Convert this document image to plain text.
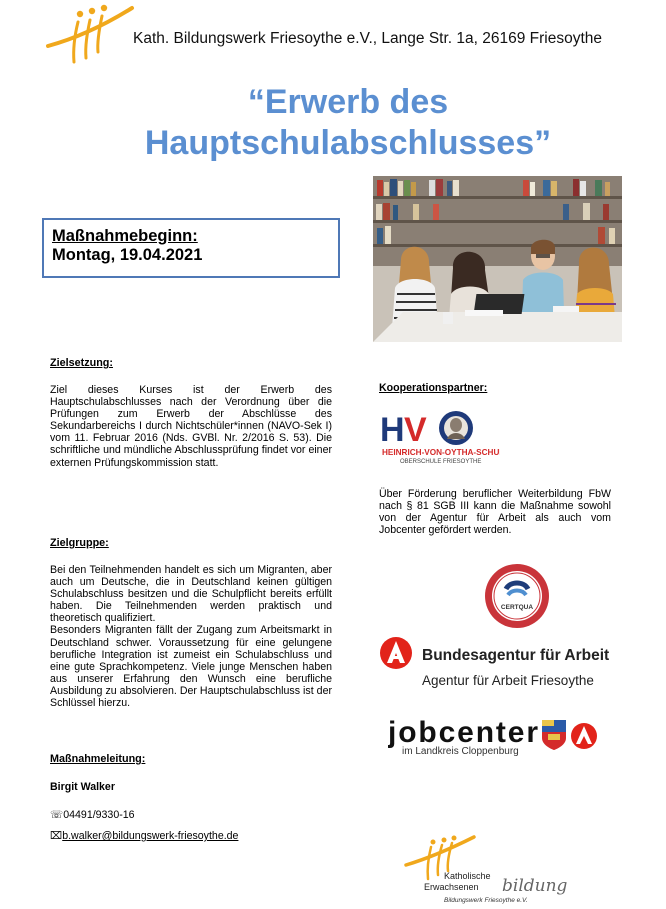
Kath. Bildungswerk Friesoythe e.V., Lange Str. 1a, 26169 Friesoythe
“Erwerb des
Hauptschulabschlusses”
Maßnahmebeginn:
Montag, 19.04.2021
Zielsetzung:
Ziel dieses Kurses ist der Erwerb des Hauptschulabschlusses nach der Verordnung über die Prüfungen zum Erwerb der Abschlüsse des Sekundarbereichs I durch Nichtschüler*innen (NAVO-Sek I) vom 11. Februar 2016 (Nds. GVBl. Nr. 2/2016 S. 53). Die schriftliche und mündliche Abschlussprüfung findet vor einer externen Prüfungskommission statt.
Zielgruppe:
Bei den Teilnehmenden handelt es sich um Migranten, aber auch um Deutsche, die in Deutschland keinen gültigen Schulabschluss besitzen und die Schulpflicht bereits erfüllt haben. Die Teilnehmenden werden praktisch und theoretisch qualifiziert.
Besonders Migranten fällt der Zugang zum Arbeitsmarkt in Deutschland schwer. Voraussetzung für eine gelungene berufliche Integration ist zumeist ein Schulabschluss und eine gute Sprachkompetenz. Viele junge Menschen haben aus unserer Erfahrung den Wunsch eine berufliche Ausbildung zu absolvieren. Der Hauptschulabschluss ist der Schlüssel hierzu.
Maßnahmeleitung:
Birgit Walker
☏04491/9330-16
⌧b.walker@bildungswerk-friesoythe.de
Kooperationspartner:
H V
HEINRICH-VON-OYTHA-SCHULE
OBERSCHULE FRIESOYTHE
Über Förderung beruflicher Weiterbildung FbW nach § 81 SGB III kann die Maßnahme sowohl von der Agentur für Arbeit als auch vom Jobcenter gefördert werden.
CERTQUA
Bundesagentur für Arbeit
Agentur für Arbeit Friesoythe
jobcenter
im Landkreis Cloppenburg
Katholische
Erwachsenen bildung
Bildungswerk Friesoythe e.V.
